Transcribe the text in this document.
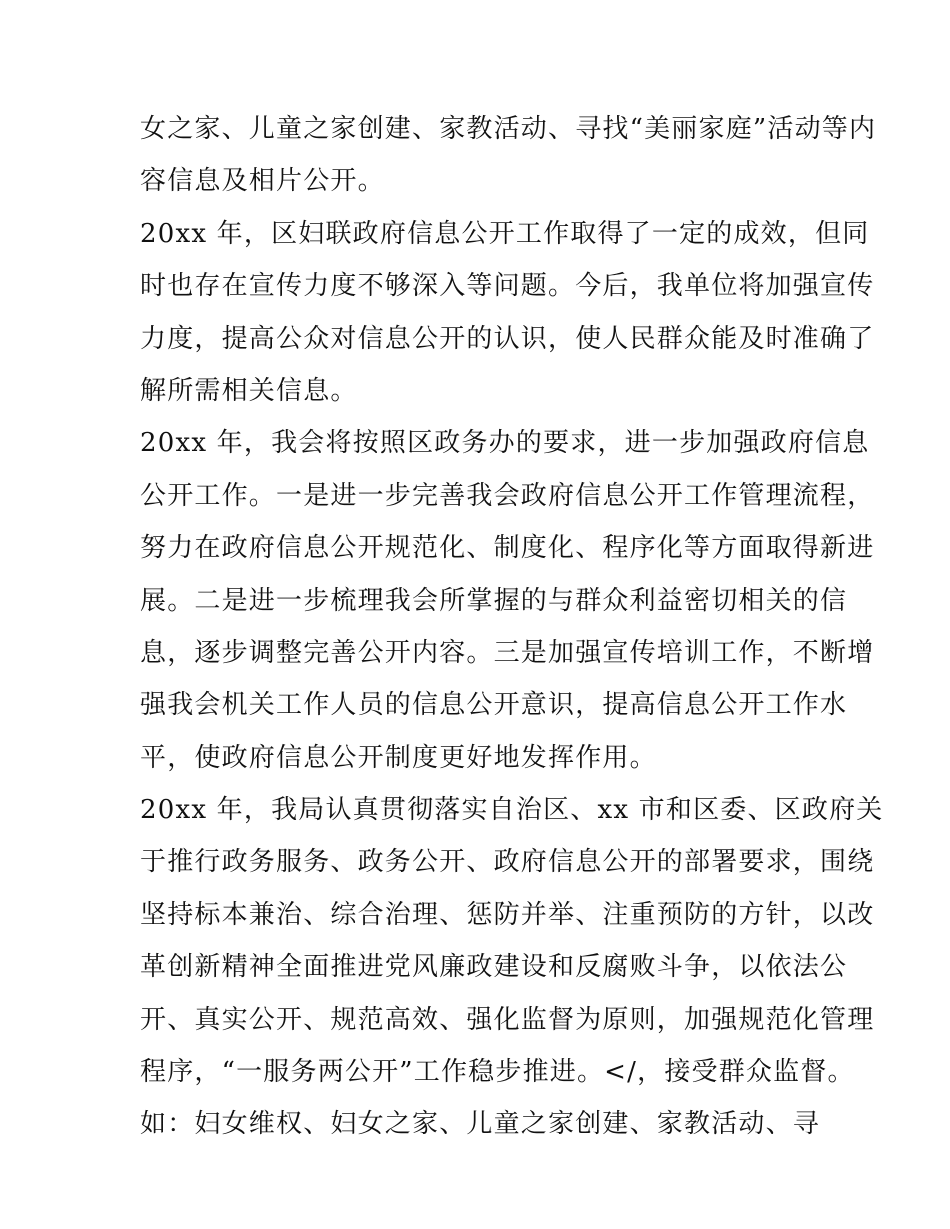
女之家、儿童之家创建、家教活动、寻找“美丽家庭”活动等内
容信息及相片公开。
20xx 年，区妇联政府信息公开工作取得了一定的成效，但同
时也存在宣传力度不够深入等问题。今后，我单位将加强宣传
力度，提高公众对信息公开的认识，使人民群众能及时准确了
解所需相关信息。
20xx 年，我会将按照区政务办的要求，进一步加强政府信息
公开工作。一是进一步完善我会政府信息公开工作管理流程，
努力在政府信息公开规范化、制度化、程序化等方面取得新进
展。二是进一步梳理我会所掌握的与群众利益密切相关的信
息，逐步调整完善公开内容。三是加强宣传培训工作，不断增
强我会机关工作人员的信息公开意识，提高信息公开工作水
平，使政府信息公开制度更好地发挥作用。
20xx 年，我局认真贯彻落实自治区、xx 市和区委、区政府关
于推行政务服务、政务公开、政府信息公开的部署要求，围绕
坚持标本兼治、综合治理、惩防并举、注重预防的方针，以改
革创新精神全面推进党风廉政建设和反腐败斗争，以依法公
开、真实公开、规范高效、强化监督为原则，加强规范化管理
程序，“一服务两公开”工作稳步推进。</，接受群众监督。
如：妇女维权、妇女之家、儿童之家创建、家教活动、寻
